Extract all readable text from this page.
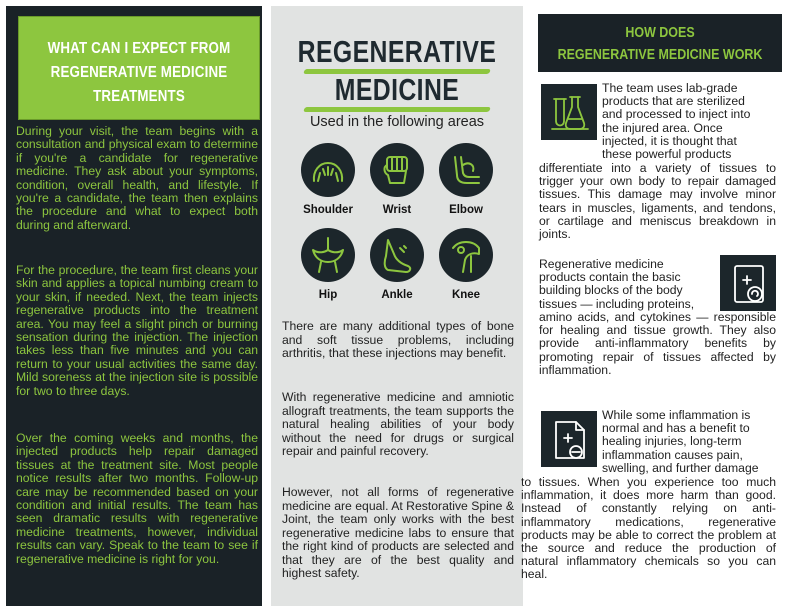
WHAT CAN I EXPECT FROM
REGENERATIVE MEDICINE
TREATMENTS

During your visit, the team begins with a consultation and physical exam to determine if you're a candidate for regenerative medicine. They ask about your symptoms, condition, overall health, and lifestyle. If you're a candidate, the team then explains the procedure and what to expect both during and afterward.

For the procedure, the team first cleans your skin and applies a topical numbing cream to your skin, if needed. Next, the team injects regenerative products into the treatment area. You may feel a slight pinch or burning sensation during the injection. The injection takes less than five minutes and you can return to your usual activities the same day. Mild soreness at the injection site is possible for two to three days.

Over the coming weeks and months, the injected products help repair damaged tissues at the treatment site. Most people notice results after two months. Follow-up care may be recommended based on your condition and initial results. The team has seen dramatic results with regenerative medicine treatments, however, individual results can vary. Speak to the team to see if regenerative medicine is right for you.

REGENERATIVE
MEDICINE
Used in the following areas
Shoulder	Wrist	Elbow
Hip	Ankle	Knee

There are many additional types of bone and soft tissue problems, including arthritis, that these injections may benefit.

With regenerative medicine and amniotic allograft treatments, the team supports the natural healing abilities of your body without the need for drugs or surgical repair and painful recovery.

However, not all forms of regenerative medicine are equal. At Restorative Spine & Joint, the team only works with the best regenerative medicine labs to ensure that the right kind of products are selected and that they are of the best quality and highest safety.

HOW DOES
REGENERATIVE MEDICINE WORK
The team uses lab-grade
products that are sterilized
and processed to inject into
the injured area. Once
injected, it is thought that
these powerful products

differentiate into a variety of tissues to trigger your own body to repair damaged tissues. This damage may involve minor tears in muscles, ligaments, and tendons, or cartilage and meniscus breakdown in joints.

Regenerative medicine
products contain the basic
building blocks of the body
tissues — including proteins,

amino acids, and cytokines — responsible for healing and tissue growth. They also provide anti-inflammatory benefits by promoting repair of tissues affected by inflammation.

While some inflammation is
normal and has a benefit to
healing injuries, long-term
inflammation causes pain,
swelling, and further damage

to tissues. When you experience too much inflammation, it does more harm than good. Instead of constantly relying on anti-inflammatory medications, regenerative products may be able to correct the problem at the source and reduce the production of natural inflammatory chemicals so you can heal.
